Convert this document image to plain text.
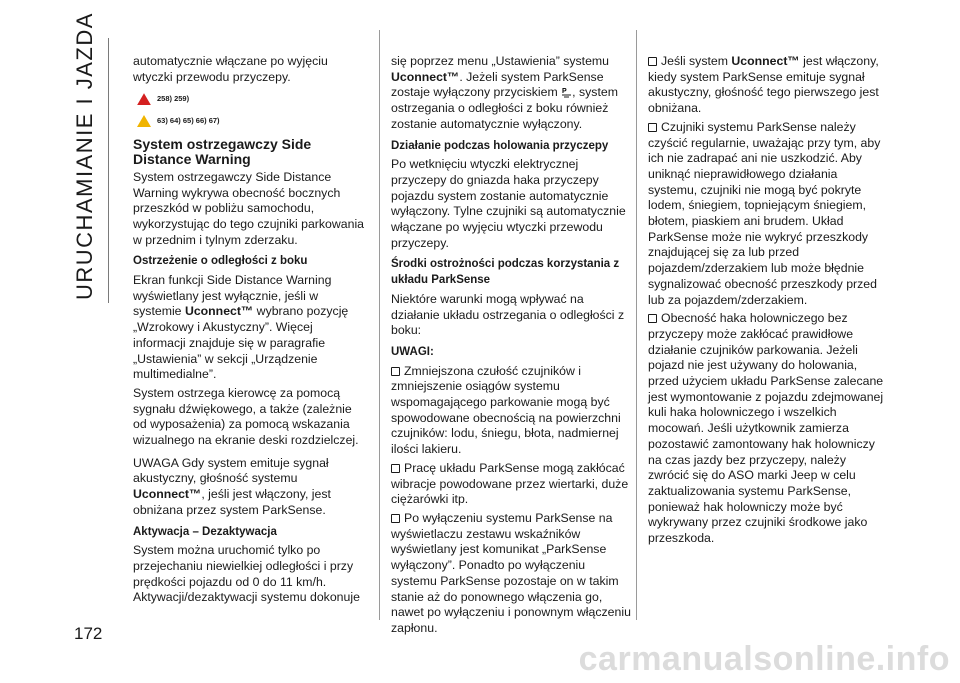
URUCHAMIANIE I JAZDA
172

automatycznie włączane po wyjęciu wtyczki przewodu przyczepy.

258) 259)
63) 64) 65) 66) 67)
System ostrzegawczy Side Distance Warning

System ostrzegawczy Side Distance Warning wykrywa obecność bocznych przeszkód w pobliżu samochodu, wykorzystując do tego czujniki parkowania w przednim i tylnym zderzaku.

Ostrzeżenie o odległości z boku

Ekran funkcji Side Distance Warning wyświetlany jest wyłącznie, jeśli w systemie Uconnect™ wybrano pozycję „Wzrokowy i Akustyczny”. Więcej informacji znajduje się w paragrafie „Ustawienia” w sekcji „Urządzenie multimedialne”.

System ostrzega kierowcę za pomocą sygnału dźwiękowego, a także (zależnie od wyposażenia) za pomocą wskazania wizualnego na ekranie deski rozdzielczej.

UWAGA Gdy system emituje sygnał akustyczny, głośność systemu Uconnect™, jeśli jest włączony, jest obniżana przez system ParkSense.

Aktywacja – Dezaktywacja

System można uruchomić tylko po przejechaniu niewielkiej odległości i przy prędkości pojazdu od 0 do 11 km/h. Aktywacji/dezaktywacji systemu dokonuje

się poprzez menu „Ustawienia” systemu Uconnect™. Jeżeli system ParkSense zostaje wyłączony przyciskiem P , system ostrzegania o odległości z boku również zostanie automatycznie wyłączony.

Działanie podczas holowania przyczepy

Po wetknięciu wtyczki elektrycznej przyczepy do gniazda haka przyczepy pojazdu system zostanie automatycznie wyłączony. Tylne czujniki są automatycznie włączane po wyjęciu wtyczki przewodu przyczepy.

Środki ostrożności podczas korzystania z układu ParkSense

Niektóre warunki mogą wpływać na działanie układu ostrzegania o odległości z boku:

UWAGI:

Zmniejszona czułość czujników i zmniejszenie osiągów systemu wspomagającego parkowanie mogą być spowodowane obecnością na powierzchni czujników: lodu, śniegu, błota, nadmiernej ilości lakieru.

Pracę układu ParkSense mogą zakłócać wibracje powodowane przez wiertarki, duże ciężarówki itp.

Po wyłączeniu systemu ParkSense na wyświetlaczu zestawu wskaźników wyświetlany jest komunikat „ParkSense wyłączony”. Ponadto po wyłączeniu systemu ParkSense pozostaje on w takim stanie aż do ponownego włączenia go, nawet po wyłączeniu i ponownym włączeniu zapłonu.

Jeśli system Uconnect™ jest włączony, kiedy system ParkSense emituje sygnał akustyczny, głośność tego pierwszego jest obniżana.

Czujniki systemu ParkSense należy czyścić regularnie, uważając przy tym, aby ich nie zadrapać ani nie uszkodzić. Aby uniknąć nieprawidłowego działania systemu, czujniki nie mogą być pokryte lodem, śniegiem, topniejącym śniegiem, błotem, piaskiem ani brudem. Układ ParkSense może nie wykryć przeszkody znajdującej się za lub przed pojazdem/zderzakiem lub może błędnie sygnalizować obecność przeszkody przed lub za pojazdem/zderzakiem.

Obecność haka holowniczego bez przyczepy może zakłócać prawidłowe działanie czujników parkowania. Jeżeli pojazd nie jest używany do holowania, przed użyciem układu ParkSense zalecane jest wymontowanie z pojazdu zdejmowanej kuli haka holowniczego i wszelkich mocowań. Jeśli użytkownik zamierza pozostawić zamontowany hak holowniczy na czas jazdy bez przyczepy, należy zwrócić się do ASO marki Jeep w celu zaktualizowania systemu ParkSense, ponieważ hak holowniczy może być wykrywany przez czujniki środkowe jako przeszkoda.

carmanualsonline.info
